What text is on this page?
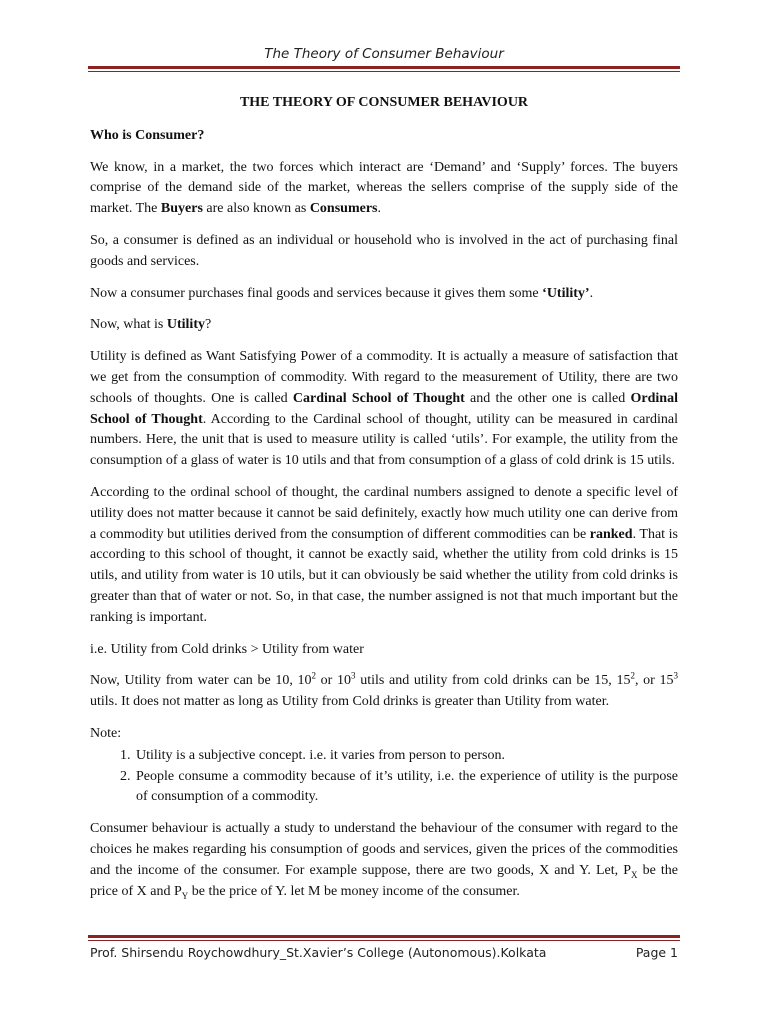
The Theory of Consumer Behaviour
THE THEORY OF CONSUMER BEHAVIOUR
Who is Consumer?

We know, in a market, the two forces which interact are ‘Demand’ and ‘Supply’ forces. The buyers comprise of the demand side of the market, whereas the sellers comprise of the supply side of the market. The Buyers are also known as Consumers.

So, a consumer is defined as an individual or household who is involved in the act of purchasing final goods and services.

Now a consumer purchases final goods and services because it gives them some ‘Utility’.

Now, what is Utility?

Utility is defined as Want Satisfying Power of a commodity. It is actually a measure of satisfaction that we get from the consumption of commodity. With regard to the measurement of Utility, there are two schools of thoughts. One is called Cardinal School of Thought and the other one is called Ordinal School of Thought. According to the Cardinal school of thought, utility can be measured in cardinal numbers. Here, the unit that is used to measure utility is called ‘utils’. For example, the utility from the consumption of a glass of water is 10 utils and that from consumption of a glass of cold drink is 15 utils.

According to the ordinal school of thought, the cardinal numbers assigned to denote a specific level of utility does not matter because it cannot be said definitely, exactly how much utility one can derive from a commodity but utilities derived from the consumption of different commodities can be ranked. That is according to this school of thought, it cannot be exactly said, whether the utility from cold drinks is 15 utils, and utility from water is 10 utils, but it can obviously be said whether the utility from cold drinks is greater than that of water or not. So, in that case, the number assigned is not that much important but the ranking is important.

i.e. Utility from Cold drinks > Utility from water

Now, Utility from water can be 10, $10^2$ or $10^3$ utils and utility from cold drinks can be 15, $15^2$, or $15^3$ utils. It does not matter as long as Utility from Cold drinks is greater than Utility from water.

Note:

1. Utility is a subjective concept. i.e. it varies from person to person.
2. People consume a commodity because of it’s utility, i.e. the experience of utility is the purpose of consumption of a commodity.

Consumer behaviour is actually a study to understand the behaviour of the consumer with regard to the choices he makes regarding his consumption of goods and services, given the prices of the commodities and the income of the consumer. For example suppose, there are two goods, X and Y. Let, $P_X$ be the price of X and $P_Y$ be the price of Y. let M be money income of the consumer.

Prof. Shirsendu Roychowdhury_St.Xavier’s College (Autonomous).Kolkata	Page 1
